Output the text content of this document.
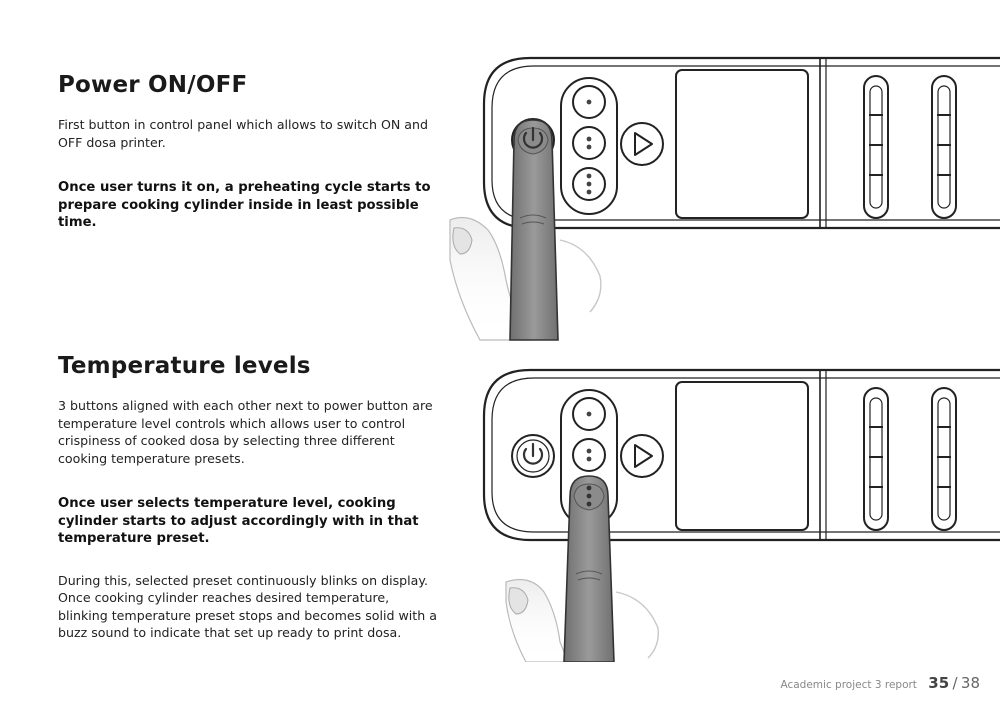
Power ON/OFF

First button in control panel which allows to switch ON and OFF dosa printer.

Once user turns it on, a preheating cycle starts to prepare cooking cylinder inside in least possible time.

Temperature levels

3 buttons aligned with each other next to power button are temperature level controls which allows user to control crispiness of cooked dosa by selecting three different cooking temperature presets.

Once user selects temperature level, cooking cylinder starts to adjust accordingly with in that temperature preset.

During this, selected preset continuously blinks on display. Once cooking cylinder reaches desired temperature, blinking temperature preset stops and becomes solid with a buzz sound to indicate that set up ready to print dosa.

Academic project 3 report 35 / 38
